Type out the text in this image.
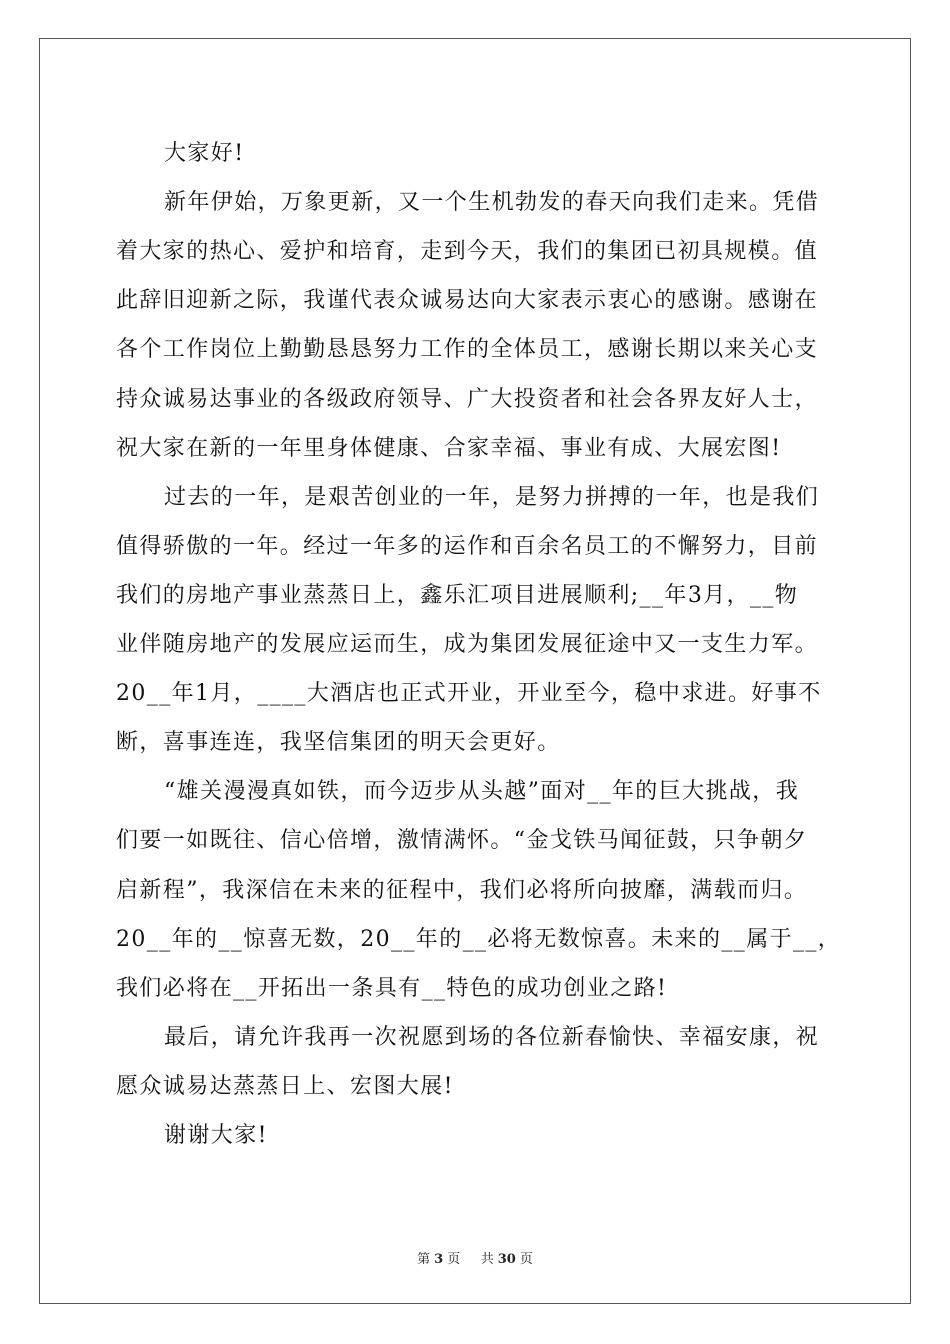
大家好!
新年伊始，万象更新，又一个生机勃发的春天向我们走来。凭借
着大家的热心、爱护和培育，走到今天，我们的集团已初具规模。值
此辞旧迎新之际，我谨代表众诚易达向大家表示衷心的感谢。感谢在
各个工作岗位上勤勤恳恳努力工作的全体员工，感谢长期以来关心支
持众诚易达事业的各级政府领导、广大投资者和社会各界友好人士，
祝大家在新的一年里身体健康、合家幸福、事业有成、大展宏图!
过去的一年，是艰苦创业的一年，是努力拼搏的一年，也是我们
值得骄傲的一年。经过一年多的运作和百余名员工的不懈努力，目前
我们的房地产事业蒸蒸日上，鑫乐汇项目进展顺利;__年3月，__物
业伴随房地产的发展应运而生，成为集团发展征途中又一支生力军。
20__年1月，____大酒店也正式开业，开业至今，稳中求进。好事不
断，喜事连连，我坚信集团的明天会更好。
“雄关漫漫真如铁，而今迈步从头越”面对__年的巨大挑战，我
们要一如既往、信心倍增，激情满怀。“金戈铁马闻征鼓，只争朝夕
启新程”，我深信在未来的征程中，我们必将所向披靡，满载而归。
20__年的__惊喜无数，20__年的__必将无数惊喜。未来的__属于__，
我们必将在__开拓出一条具有__特色的成功创业之路!
最后，请允许我再一次祝愿到场的各位新春愉快、幸福安康，祝
愿众诚易达蒸蒸日上、宏图大展!
谢谢大家!
第 3 页 共 30 页
